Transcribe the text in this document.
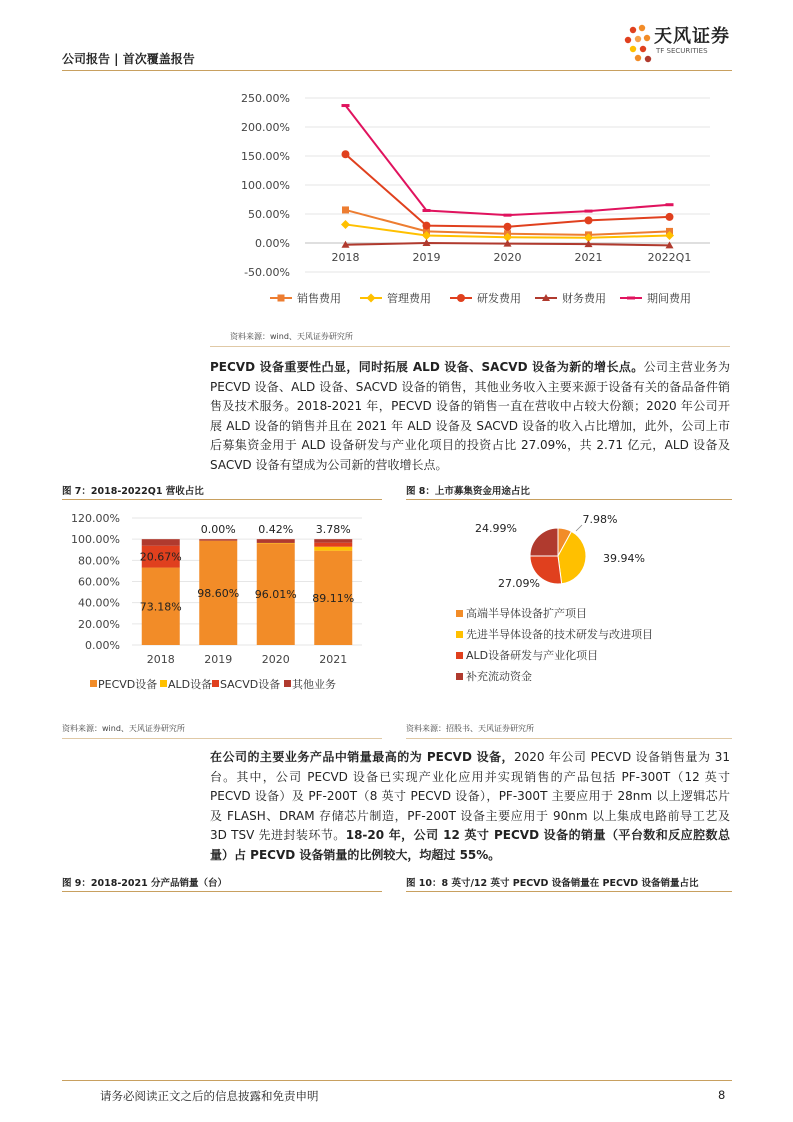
公司报告 | 首次覆盖报告
天风证券
TF SECURITIES
250.00%
200.00%
150.00%
100.00%
50.00%
0.00%
-50.00%
2018	2019	2020	2021	2022Q1
销售费用	管理费用	研发费用	财务费用	期间费用
资料来源：wind、天风证券研究所
PECVD 设备重要性凸显，同时拓展 ALD 设备、SACVD 设备为新的增长点。公司主营业务为 PECVD 设备、ALD 设备、SACVD 设备的销售，其他业务收入主要来源于设备有关的备品备件销售及技术服务。2018-2021 年，PECVD 设备的销售一直在营收中占较大份额；2020 年公司开展 ALD 设备的销售并且在 2021 年 ALD 设备及 SACVD 设备的收入占比增加，此外，公司上市后募集资金用于 ALD 设备研发与产业化项目的投资占比 27.09%，共 2.71 亿元，ALD 设备及 SACVD 设备有望成为公司新的营收增长点。
图 7：2018-2022Q1 营收占比	图 8：上市募集资金用途占比
120.00%
100.00%
80.00%
60.00%
40.00%
20.00%
0.00%
2018
73.18%
20.67%
2019
98.60%
0.00%
2020
96.01%
0.42%
2021
89.11%
3.78%
PECVD设备 ALD设备 SACVD设备 其他业务
7.98%
39.94%
27.09%
24.99%
高端半导体设备扩产项目
先进半导体设备的技术研发与改进项目
ALD设备研发与产业化项目
补充流动资金
资料来源：wind、天风证券研究所	资料来源：招股书、天风证券研究所
在公司的主要业务产品中销量最高的为 PECVD 设备，2020 年公司 PECVD 设备销售量为 31 台。其中，公司 PECVD 设备已实现产业化应用并实现销售的产品包括 PF-300T（12 英寸 PECVD 设备）及 PF-200T（8 英寸 PECVD 设备），PF-300T 主要应用于 28nm 以上逻辑芯片及 FLASH、DRAM 存储芯片制造，PF-200T 设备主要应用于 90nm 以上集成电路前导工艺及 3D TSV 先进封装环节。18-20 年，公司 12 英寸 PECVD 设备的销量（平台数和反应腔数总量）占 PECVD 设备销量的比例较大，均超过 55%。
图 9：2018-2021 分产品销量（台）	图 10：8 英寸/12 英寸 PECVD 设备销量在 PECVD 设备销量占比
请务必阅读正文之后的信息披露和免责申明	8
